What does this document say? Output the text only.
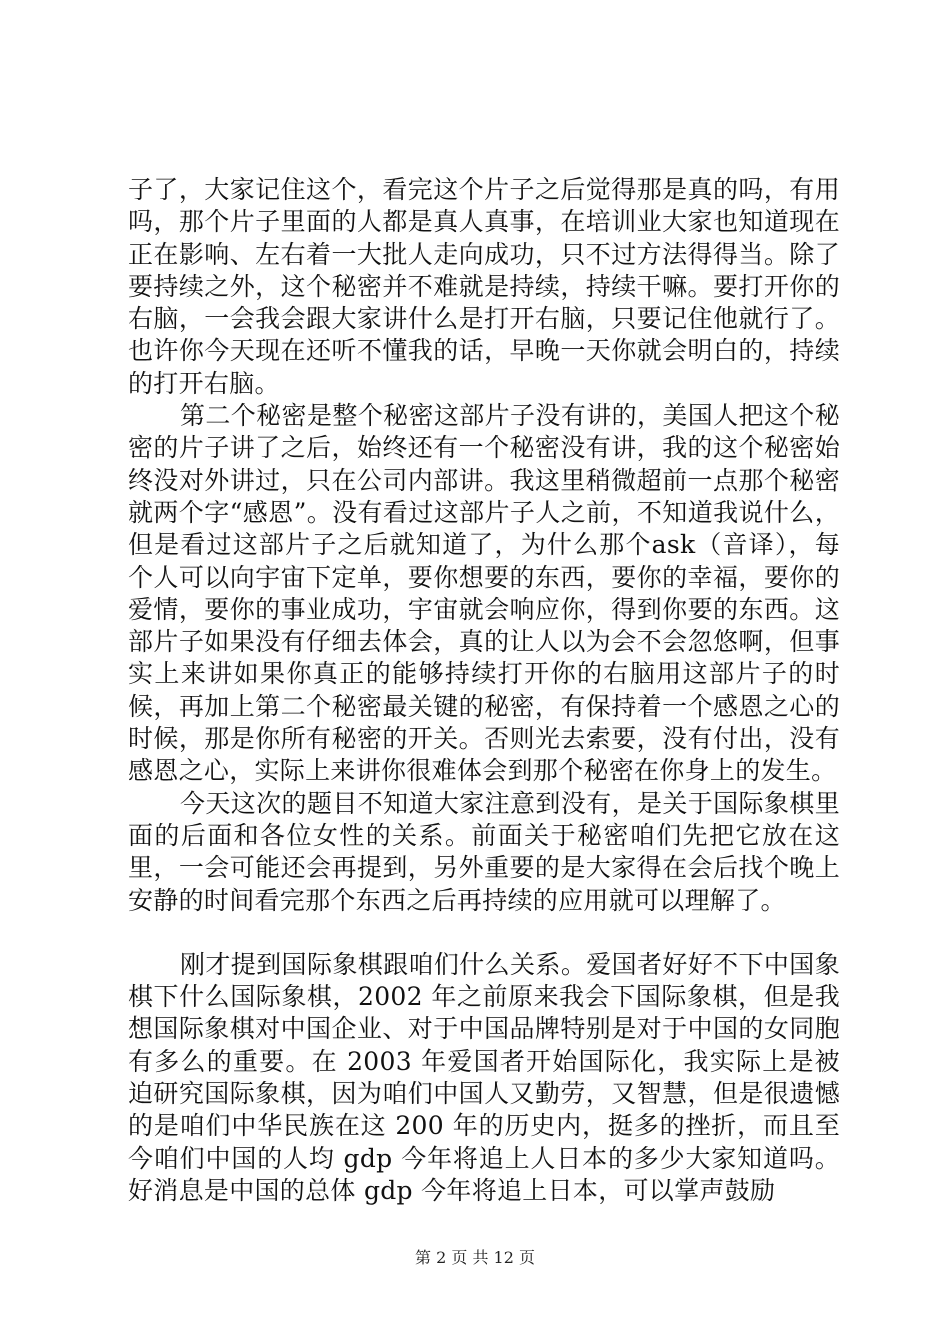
子了，大家记住这个，看完这个片子之后觉得那是真的吗，有用吗，那个片子里面的人都是真人真事，在培训业大家也知道现在正在影响、左右着一大批人走向成功，只不过方法得得当。除了要持续之外，这个秘密并不难就是持续，持续干嘛。要打开你的右脑，一会我会跟大家讲什么是打开右脑，只要记住他就行了。也许你今天现在还听不懂我的话，早晚一天你就会明白的，持续的打开右脑。

第二个秘密是整个秘密这部片子没有讲的，美国人把这个秘密的片子讲了之后，始终还有一个秘密没有讲，我的这个秘密始终没对外讲过，只在公司内部讲。我这里稍微超前一点那个秘密就两个字“感恩”。没有看过这部片子人之前，不知道我说什么，但是看过这部片子之后就知道了，为什么那个ask（音译），每个人可以向宇宙下定单，要你想要的东西，要你的幸福，要你的爱情，要你的事业成功，宇宙就会响应你，得到你要的东西。这部片子如果没有仔细去体会，真的让人以为会不会忽悠啊，但事实上来讲如果你真正的能够持续打开你的右脑用这部片子的时候，再加上第二个秘密最关键的秘密，有保持着一个感恩之心的时候，那是你所有秘密的开关。否则光去索要，没有付出，没有感恩之心，实际上来讲你很难体会到那个秘密在你身上的发生。

今天这次的题目不知道大家注意到没有，是关于国际象棋里面的后面和各位女性的关系。前面关于秘密咱们先把它放在这里，一会可能还会再提到，另外重要的是大家得在会后找个晚上安静的时间看完那个东西之后再持续的应用就可以理解了。

刚才提到国际象棋跟咱们什么关系。爱国者好好不下中国象棋下什么国际象棋，2002 年之前原来我会下国际象棋，但是我想国际象棋对中国企业、对于中国品牌特别是对于中国的女同胞有多么的重要。在 2003 年爱国者开始国际化，我实际上是被迫研究国际象棋，因为咱们中国人又勤劳，又智慧，但是很遗憾的是咱们中华民族在这 200 年的历史内，挺多的挫折，而且至今咱们中国的人均 gdp 今年将追上人日本的多少大家知道吗。好消息是中国的总体 gdp 今年将追上日本，可以掌声鼓励

第 2 页 共 12 页
